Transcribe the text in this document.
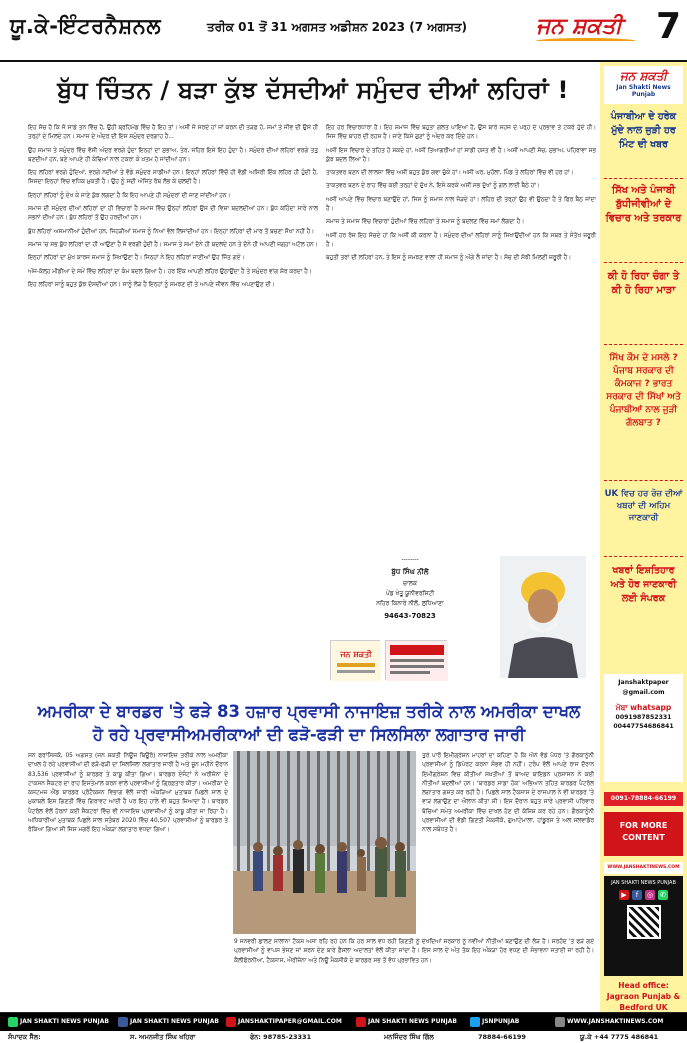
ਯੂ.ਕੇ-ਇੰਟਰਨੈਸ਼ਨਲ	ਤਰੀਕ 01 ਤੋਂ 31 ਅਗਸਤ ਅਡੀਸ਼ਨ 2023 (7 ਅਗਸਤ)	ਜਨ ਸ਼ਕਤੀ 7
ਬੁੱਧ ਚਿੰਤਨ / ਬੜਾ ਕੁੱਝ ਦੱਸਦੀਆਂ ਸਮੁੰਦਰ ਦੀਆਂ ਲਹਿਰਾਂ !

ਇਹ ਸੱਚ ਹੈ ਕਿ ਜੋ ਸਾਡੇ ਤਨ ਵਿੱਚ ਹੈ, ਉਹੀ ਬ੍ਰਹਿਮੰਡ ਵਿੱਚ ਹੈ ਇਹ ਤਾਂ। ਅਸੀਂ ਜੋ ਸਰਦੇ ਹਾਂ ਜਾਂ ਕਰਨ ਦੀ ਤੜਫ਼ ਹੋ, ਸਮਾਂ ਤੇ ਜੀਵ ਦੀ ਉਸੇ ਹੀ ਤਰ੍ਹਾਂ ਦੇ ਮਿਲਦੇ ਹਨ। ਸਮਾਜ ਦੇ ਅੰਦਰ ਦੀ ਇਸ ਸਮੁੰਦਰ ਦਰਗਾਹ ਹੈ...

ਉਹ ਸਮਾਜ ਤੇ ਸਮੁੰਦਰ ਵਿੱਚ ਵੱਸੀ ਅੰਦਰ ਵਰਗੇ ਹੁੰਦਾ ਇਨ੍ਹਾਂ ਦਾ ਸੁਭਾਅ, ਤੇਰ, ਜਹਿਰ ਇਸੇ ਇਹ ਹੁੰਦਾ ਹੈ। ਸਮੁੰਦਰ ਦੀਆਂ ਲਹਿਰਾਂ ਵਰਗੇ ਤਤੁ ਬਣਦੀਆਂ ਹਨ, ਬਣੇ ਆਪਣੇ ਹੀ ਕੰਢਿਆਂ ਨਾਲ ਟਕਰਾ ਕੇ ਖ਼ਤਮ ਹੋ ਜਾਂਦੀਆਂ ਹਨ।

ਇਹ ਲਹਿਰਾਂ ਵਰਗੇ ਹੁੰਦਿਆਂ, ਵਰਗੇ ਨਦੀਆਂ ਤੇ ਵੱਡੇ ਸਮੁੰਦਰ ਸਾਡੀਆਂ ਹਨ। ਇਨ੍ਹਾਂ ਲਹਿਰਾਂ ਵਿੱਚੋਂ ਹੀ ਵੱਡੀ ਅਸਿਰੀ ਇੱਕ ਲਹਿਰ ਹੀ ਹੁੰਦੀ ਹੈ, ਜਿਸਦਾ ਇਨ੍ਹਾਂ ਵਿਚ ਵਧਿਕ ਮੁਕਤੀ ਹੈ। ਉਹ ਨੂੰ ਸਦੀ ਅੱਜਿਤ ਰੱਬ ਲੱਭ ਕੇ ਚਲਦੀ ਹੈ।

ਇਨ੍ਹਾਂ ਲਹਿਰਾਂ ਨੂੰ ਦੇਖ ਕੇ ਜਾਣੇ ਕੁੱਝ ਲਗਦਾ ਹੈ ਕਿ ਇਹ ਆਪਣੇ ਹੀ ਸਮੁੰਦਰਾਂ ਦੀ ਜਾਣ ਜਾਂਦੀਆਂ ਹਨ।

ਸਮਾਜ ਦੀ ਸਮੁੰਦਰ ਦੀਆਂ ਲਹਿਰਾਂ ਦਾ ਹੀ ਵਿਚਾਰਾਂ ਹੈ ਸਮਾਜ ਵਿੱਚ ਉਨ੍ਹਾਂ ਲਹਿਰਾਂ ਉਸ ਦੀ ਵਿਸ਼ਾ ਬਦਲਦੀਆਂ ਹਨ। ਬੁੱਧ ਕਹਿੰਦਾ ਸਾਰੇ ਨਾਲ ਸਭਨਾਂ ਦੀਆਂ ਹਨ। ਬੁੱਧ ਲਹਿਰਾਂ ਤੋਂ ਉਹ ਹਰਦੀਆਂ ਹਨ।

ਬੁੱਧ ਲਹਿਰਾਂ ਅਸਮਾਨੀਆਂ ਹੁੰਦੀਆਂ ਹਨ, ਜਿਹੜੀਆਂ ਸਮਾਜ ਨੂੰ ਨਿਆਂ ਵੱਲ ਲਿਜਾਂਦੀਆਂ ਹਨ। ਇਨ੍ਹਾਂ ਲਹਿਰਾਂ ਦੀ ਮਾਰ ਤੋਂ ਬਚਣਾ ਸੌਖਾ ਨਹੀਂ ਹੈ।

ਸਮਾਜ 'ਚ ਸਭ ਬੁੱਧ ਲਹਿਰਾਂ ਦਾ ਹੀ ਆਉਣਾ ਹੈ ਜੋ ਵਰਗੀ ਹੁੰਦੀ ਹੈ। ਸਮਾਜ ਤੇ ਸਮਾਂ ਦੋਨੇ ਹੀ ਬਦਲਦੇ ਹਨ ਤੇ ਦੋਨੇ ਹੀ ਆਪਣੀ ਜਗ੍ਹਾ ਅਟੱਲ ਹਨ।

ਇਨ੍ਹਾਂ ਲਹਿਰਾਂ ਦਾ ਮੁੱਖ ਕਾਰਜ ਸਮਾਜ ਨੂੰ ਸਿਖਾਉਣਾ ਹੈ। ਜਿਨ੍ਹਾਂ ਨੇ ਇਹ ਲਹਿਰਾਂ ਜਾਣੀਆਂ ਉਹ ਜਿੱਤ ਗਏ।

ਅੱਜ-ਕੱਲ੍ਹ ਮੀਡੀਆ ਦੇ ਸਮੇਂ ਵਿੱਚ ਲਹਿਰਾਂ ਦਾ ਕੰਮ ਬਦਲ ਗਿਆ ਹੈ। ਹਰ ਇੱਕ ਆਪਣੀ ਲਹਿਰ ਉਠਾਉਂਦਾ ਹੈ ਤੇ ਸਮੁੰਦਰ ਵਾਂਗ ਸ਼ੋਰ ਕਰਦਾ ਹੈ।

ਇਹ ਲਹਿਰਾਂ ਸਾਨੂੰ ਬਹੁਤ ਕੁੱਝ ਦੱਸਦੀਆਂ ਹਨ। ਸਾਨੂੰ ਲੋੜ ਹੈ ਇਨ੍ਹਾਂ ਨੂੰ ਸਮਝਣ ਦੀ ਤੇ ਆਪਣੇ ਜੀਵਨ ਵਿੱਚ ਅਪਣਾਉਣ ਦੀ।

ਇਹ ਹਰ ਵਿਚਾਰਧਾਰਾ ਹੈ। ਇਹ ਸਮਾਜ ਵਿੱਚ ਬਹੁਤਾ ਗਲਤ ਪਾਇਆ ਹੈ, ਉਸ ਬਾਰੇ ਸਹਜ ਦੇ ਪਰ੍ਹ ਦੇ ਪ੍ਰਭਾਵ ਤੇ ਟਕਰੇ ਹੁੰਦੇ ਹੀ। ਜਿਸ ਵਿੱਚ ਬਾਹਰ ਦੀ ਰਹਸ ਹੈ। ਜਾਣੇ ਕਿਸੇ ਗੁਣਾਂ ਨੂੰ ਅੰਦਰ ਕਰ ਦਿੰਦੇ ਹਨ।

ਅਸੀਂ ਇਸ ਵਿਚਾਰ ਦੇ ਤਹਿਤ ਹੋ ਸਕਦੇ ਹਾਂ, ਅਸੀਂ ਤਿਆਗਰੀਆਂ ਹਾਂ ਸਾਡੀ ਹਸਤ ਵੀ ਹੈ। ਅਸੀਂ ਆਪਣੀ ਸੋਚ, ਸੁਭਾਅ, ਪਹਿਰਾਵਾ ਸਭ ਕੁੱਝ ਬਦਲ ਲਿਆ ਹੈ।

ਤਾਕਤਵਰ ਬਣਨ ਦੀ ਲਾਲਸਾ ਵਿੱਚ ਅਸੀਂ ਬਹੁਤ ਕੁੱਝ ਗਵਾ ਚੁੱਕੇ ਹਾਂ। ਅਸੀਂ ਘਰ, ਮੁਹੱਲਾ, ਪਿੰਡ ਤੇ ਲਹਿਰਾਂ ਵਿੱਚ ਵੀ ਹਰ ਹਾਂ।

ਤਾਕਤਵਰ ਬਣਨ ਦੇ ਰਾਹ ਵਿੱਚ ਕਈ ਤਰ੍ਹਾਂ ਦੇ ਦੁੱਖ ਨੇ, ਇਸੇ ਕਰਕੇ ਅਸੀਂ ਸਭ ਦੁੱਖਾਂ ਨੂੰ ਗਲ ਲਾਈ ਬੈਠੇ ਹਾਂ।

ਅਸੀਂ ਆਪਣੇ ਵਿੱਚ ਵਿਚਾਰ ਬਣਾਉਂਦੇ ਹਾਂ, ਜਿਸ ਨੂੰ ਸਮਾਜ ਨਾਲ ਜੋੜਦੇ ਹਾਂ। ਲਹਿਰ ਦੀ ਤਰ੍ਹਾਂ ਉਹ ਵੀ ਉਠਦਾ ਹੈ ਤੇ ਫਿਰ ਬੈਠ ਜਾਂਦਾ ਹੈ।

ਸਮਾਜ ਤੇ ਸਮਾਜ ਵਿੱਚ ਵਿਚਾਰਾਂ ਹੁੰਦੀਆਂ ਵਿੱਚ ਲਹਿਰਾਂ ਤੇ ਸਮਾਜ ਨੂੰ ਬਦਲਣ ਵਿੱਚ ਸਮਾਂ ਲੱਗਦਾ ਹੈ।

ਅਸੀਂ ਹਰ ਰੋਜ਼ ਇਹ ਸੋਚਦੇ ਹਾਂ ਕਿ ਅਸੀਂ ਕੀ ਕਰਨਾ ਹੈ। ਸਮੁੰਦਰ ਦੀਆਂ ਲਹਿਰਾਂ ਸਾਨੂੰ ਸਿਖਾਉਂਦੀਆਂ ਹਨ ਕਿ ਸਬਰ ਤੇ ਸੰਤੋਖ ਜ਼ਰੂਰੀ ਹੈ।

ਬਹੁਤੀ ਤਰਾਂ ਦੀ ਲਹਿਰਾਂ ਹਨ, ਤੇ ਇਸ ਨੂੰ ਸਮਝਣ ਵਾਲਾ ਹੀ ਸਮਾਜ ਨੂੰ ਅੱਗੇ ਲੈ ਜਾਂਦਾ ਹੈ। ਸੱਚ ਦੀ ਸੋਝੀ ਮਿਲਣੀ ਜ਼ਰੂਰੀ ਹੈ।

--------
ਬੁੱਧ ਸਿੰਘ ਨੀਲੋਂ
ਚਾਲਕ
ਪੇਂਡ ਖੇਤੂ ਯੂਨੀਵਰਸਿਟੀ
ਨਹਿਰ ਕਿਨਾਰੇ ਨੀਲੋਂ, ਲੁਧਿਆਣਾ
94643-70823
ਜਨ ਸ਼ਕਤੀ
ਜਨ ਸ਼ਕਤੀ
Jan Shakti News Punjab
ਪੰਜਾਬੀਆ ਦੇ ਹਰੇਕ ਮੁੱਦੇ ਨਾਲ ਜੁੜੀ ਹਰ ਮਿੰਟ ਦੀ ਖਬਰ
ਸਿੱਖ ਅਤੇ ਪੰਜਾਬੀ ਬੁੱਧੀਜੀਵੀਆਂ ਦੇ ਵਿਚਾਰ ਅਤੇ ਤਰਕਾਰ
ਕੀ ਹੋ ਰਿਹਾ ਚੰਗਾ ਤੇ ਕੀ ਹੋ ਰਿਹਾ ਮਾੜਾ
ਸਿੱਖ ਕੌਮ ਦੇ ਮਸਲੇ ? ਪੰਜਾਬ ਸਰਕਾਰ ਦੀ ਕੰਮਕਾਜ ? ਭਾਰਤ ਸਰਕਾਰ ਦੀ ਸਿੱਖਾਂ ਅਤੇ ਪੰਜਾਬੀਆਂ ਨਾਲ ਜੁੜੀ ਗੱਲਬਾਤ ?
UK ਵਿਚ ਹਰ ਰੋਜ਼ ਦੀਆਂ ਖਬਰਾਂ ਦੀ ਅਹਿਮ ਜਾਣਕਾਰੀ
ਖਬਰਾਂ ਇਸ਼ਤਿਹਾਰ ਅਤੇ ਹੋਰ ਜਾਣਕਾਰੀ ਲਈ ਸੰਪਰਕ
Janshaktpaper
@gmail.com
ਮੋਬਾ whatsapp
0091987852331
00447754686841
0091-78884-66199
FOR MORE CONTENT
WWW.JANSHAKTINEWS.COM
JAN SHAKTI NEWS PUNJAB
▶	f	◎ ✆
Head office:
Jagraon Punjab & Bedford UK
ਅਮਰੀਕਾ ਦੇ ਬਾਰਡਰ 'ਤੇ ਫੜੇ 83 ਹਜ਼ਾਰ ਪ੍ਰਵਾਸੀ ਨਾਜਾਇਜ਼ ਤਰੀਕੇ ਨਾਲ ਅਮਰੀਕਾ ਦਾਖਲ
ਹੋ ਰਹੇ ਪ੍ਰਵਾਸੀਅਮਰੀਕਾਆਂ ਦੀ ਫੜੋ-ਫੜੀ ਦਾ ਸਿਲਸਿਲਾ ਲਗਾਤਾਰ ਜਾਰੀ

ਸਨ ਫਰਾਂਸਿਸਕੋ, 05 ਅਗਸਤ (ਜਨ ਸ਼ਕਤੀ ਨਿਊਜ਼ ਬਿਊਰੋ) ਨਾਜਾਇਜ਼ ਤਰੀਕੇ ਨਾਲ ਅਮਰੀਕਾ ਦਾਖਲ ਹੋ ਰਹੇ ਪ੍ਰਵਾਸੀਆਂ ਦੀ ਫੜੋ-ਫੜੀ ਦਾ ਸਿਲਸਿਲਾ ਲਗਾਤਾਰ ਜਾਰੀ ਹੈ ਅਤੇ ਜੂਨ ਮਹੀਨੇ ਦੌਰਾਨ 83,536 ਪ੍ਰਵਾਸੀਆਂ ਨੂੰ ਬਾਰਡਰ ਤੇ ਕਾਬੂ ਕੀਤਾ ਗਿਆ। ਬਾਰਡਰ ਏਜੰਟਾਂ ਨੇ ਅਰੀਜ਼ੋਨਾ ਦੇ ਟਾਕਸਨ ਸੈਕਟਰ ਦਾ ਰਾਹ ਇਸਤੇਮਾਲ ਕਰਨ ਵਾਲੇ ਪ੍ਰਵਾਸੀਆਂ ਨੂੰ ਗ੍ਰਿਫ਼ਤਾਰ ਕੀਤਾ। ਅਮਰੀਕਾ ਦੇ ਕਸਟਮਜ਼ ਐਂਡ ਬਾਰਡਰ ਪ੍ਰੋਟੈਕਸ਼ਨ ਵਿਭਾਗ ਵੱਲੋਂ ਜਾਰੀ ਅੰਕੜਿਆਂ ਮੁਤਾਬਕ ਪਿਛਲੇ ਸਾਲ ਦੇ ਮੁਕਾਬਲੇ ਇਸ ਗਿਣਤੀ ਵਿੱਚ ਗਿਰਾਵਟ ਆਈ ਹੈ ਪਰ ਇਹ ਹਾਲੇ ਵੀ ਬਹੁਤ ਜ਼ਿਆਦਾ ਹੈ। ਬਾਰਡਰ ਪੈਟਰੋਲ ਵੱਲੋਂ ਹੋਰਨਾਂ ਕਈ ਸੈਕਟਰਾਂ ਵਿੱਚ ਵੀ ਨਾਜਾਇਜ਼ ਪ੍ਰਵਾਸੀਆਂ ਨੂੰ ਕਾਬੂ ਕੀਤਾ ਜਾ ਰਿਹਾ ਹੈ। ਅਧਿਕਾਰੀਆਂ ਮੁਤਾਬਕ ਪਿਛਲੇ ਸਾਲ ਸਤੰਬਰ 2020 ਵਿੱਚ 40,507 ਪ੍ਰਵਾਸੀਆਂ ਨੂੰ ਬਾਰਡਰ ਤੇ ਰੋਕਿਆ ਗਿਆ ਸੀ ਜਿਸ ਮਗਰੋਂ ਇਹ ਅੰਕੜਾ ਲਗਾਤਾਰ ਵਧਦਾ ਗਿਆ।

9 ਜਨਵਰੀ ਛਾਲਣ ਸਾਲਾਨਾ ਟੈਕਸ ਅਸਾ ਰਹਿ ਰਹੇ ਹਨ ਕਿ ਹਰ ਸਾਲ ਵਧ ਰਹੀ ਗਿਣਤੀ ਨੂੰ ਦੇਖਦਿਆਂ ਸਰਕਾਰ ਨੂੰ ਨਵੀਆਂ ਨੀਤੀਆਂ ਬਣਾਉਣ ਦੀ ਲੋੜ ਹੈ। ਸਰਹੱਦ 'ਤੇ ਫੜੇ ਗਏ ਪ੍ਰਵਾਸੀਆਂ ਨੂੰ ਵਾਪਸ ਭੇਜਣ ਜਾਂ ਸ਼ਰਨ ਦੇਣ ਬਾਰੇ ਫ਼ੈਸਲਾ ਅਦਾਲਤਾਂ ਵੱਲੋਂ ਕੀਤਾ ਜਾਂਦਾ ਹੈ। ਇਸ ਸਾਲ ਦੇ ਅੰਤ ਤੱਕ ਇਹ ਅੰਕੜਾ ਹੋਰ ਵਧਣ ਦੀ ਸੰਭਾਵਨਾ ਜਤਾਈ ਜਾ ਰਹੀ ਹੈ। ਕੈਲੀਫੋਰਨੀਆ, ਟੈਕਸਾਸ, ਐਰੀਜ਼ੋਨਾ ਅਤੇ ਨਿਊ ਮੈਕਸੀਕੋ ਦੇ ਬਾਰਡਰ ਸਭ ਤੋਂ ਵੱਧ ਪ੍ਰਭਾਵਿਤ ਹਨ।

ਤੁਰੇ ਪਾਰੋਂ ਇਮੀਗ੍ਰੇਸ਼ਨ ਮਾਹਰਾਂ ਦਾ ਕਹਿਣਾ ਹੈ ਕਿ ਐਨੇ ਵੱਡੇ ਪੱਧਰ 'ਤੇ ਗੈਰਕਾਨੂੰਨੀ ਪ੍ਰਵਾਸੀਆਂ ਨੂੰ ਡਿਪੋਰਟ ਕਰਨਾ ਸੰਭਵ ਹੀ ਨਹੀਂ। ਟਰੰਪ ਵੱਲੋਂ ਆਪਣੇ ਰਾਜ ਦੌਰਾਨ ਇਮੀਗ੍ਰੇਸ਼ਨ ਵਿਚ ਕੀਤੀਆਂ ਸਖ਼ਤੀਆਂ ਤੋਂ ਬਾਅਦ ਬਾਇਡਨ ਪ੍ਰਸ਼ਾਸਨ ਨੇ ਕਈ ਨੀਤੀਆਂ ਬਦਲੀਆਂ ਹਨ। 'ਬਾਰਡਰ ਸਾਡਾ ਹੱਕ' ਅਭਿਆਨ ਤਹਿਤ ਬਾਰਡਰ ਪੈਟਰੋਲ ਲਗਾਤਾਰ ਗਸ਼ਤ ਕਰ ਰਹੀ ਹੈ। ਪਿਛਲੇ ਸਾਲ ਟੈਕਸਾਸ ਦੇ ਰਾਜਪਾਲ ਨੇ ਵੀ ਬਾਰਡਰ 'ਤੇ ਵਾੜ ਲਗਾਉਣ ਦਾ ਐਲਾਨ ਕੀਤਾ ਸੀ। ਇਸ ਦੌਰਾਨ ਬਹੁਤ ਸਾਰੇ ਪ੍ਰਵਾਸੀ ਪਰਿਵਾਰ ਬੱਚਿਆਂ ਸਮੇਤ ਅਮਰੀਕਾ ਵਿੱਚ ਦਾਖਲ ਹੋਣ ਦੀ ਕੋਸ਼ਿਸ਼ ਕਰ ਰਹੇ ਹਨ। ਗੈਰਕਾਨੂੰਨੀ ਪ੍ਰਵਾਸੀਆਂ ਦੀ ਵੱਡੀ ਗਿਣਤੀ ਮੈਕਸੀਕੋ, ਗੁਆਟੇਮਾਲਾ, ਹਾਂਡੂਰਸ ਤੇ ਅਲ ਸਲਵਾਡੋਰ ਨਾਲ ਸਬੰਧਤ ਹੈ।

JAN SHAKTI NEWS PUNJAB	JAN SHAKTI NEWS PUNJAB	JANSHAKTIPAPER@GMAIL.COM	JAN SHAKTI NEWS PUNJAB	JSNPUNJAB	WWW.JANSHAKTINEWS.COM
ਸੰਪਾਦਕ ਸੈੱਲ:	ਸ. ਅਮਨਜੀਤ ਸਿੰਘ ਖਹਿਰਾ	ਫੋਨ: 98785-23331	ਮਨਜਿੰਦਰ ਸਿੰਘ ਗਿੱਲ	78884-66199	ਯੂ.ਕੇ +44 7775 486841
